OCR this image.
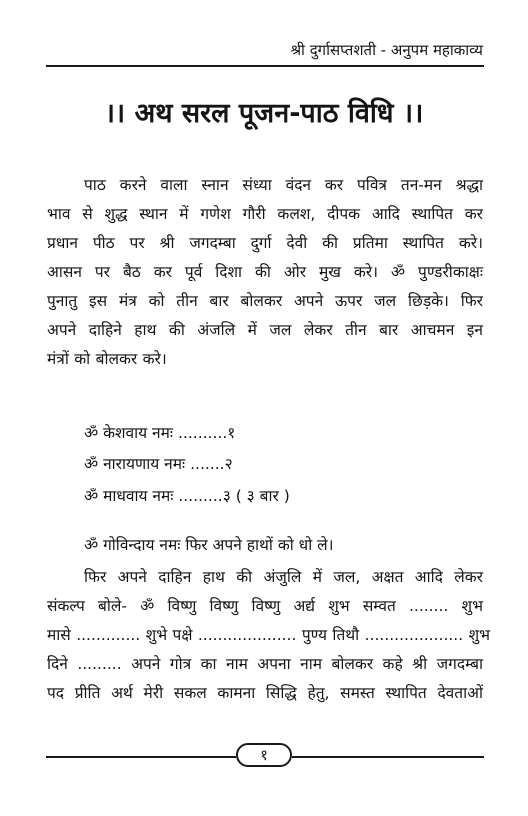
श्री दुर्गासप्तशती - अनुपम महाकाव्य
।। अथ सरल पूजन-पाठ विधि ।।
पाठ करने वाला स्नान संध्या वंदन कर पवित्र तन-मन श्रद्धा
भाव से शुद्ध स्थान में गणेश गौरी कलश, दीपक आदि स्थापित कर
प्रधान पीठ पर श्री जगदम्बा दुर्गा देवी की प्रतिमा स्थापित करे।
आसन पर बैठ कर पूर्व दिशा की ओर मुख करे। ॐ पुण्डरीकाक्षः
पुनातु इस मंत्र को तीन बार बोलकर अपने ऊपर जल छिड़के। फिर
अपने दाहिने हाथ की अंजलि में जल लेकर तीन बार आचमन इन
मंत्रों को बोलकर करे।
ॐ केशवाय नमः ..........१
ॐ नारायणाय नमः .......२
ॐ माधवाय नमः .........३ ( ३ बार )
ॐ गोविन्दाय नमः फिर अपने हाथों को धो ले।
फिर अपने दाहिन हाथ की अंजुलि में जल, अक्षत आदि लेकर
संकल्प बोले- ॐ विष्णु विष्णु विष्णु अर्द्य शुभ सम्वत ........ शुभ
मासे ............. शुभे पक्षे .................... पुण्य तिथौ .................... शुभ
दिने ......... अपने गोत्र का नाम अपना नाम बोलकर कहे श्री जगदम्बा
पद प्रीति अर्थ मेरी सकल कामना सिद्धि हेतु, समस्त स्थापित देवताओं
१
